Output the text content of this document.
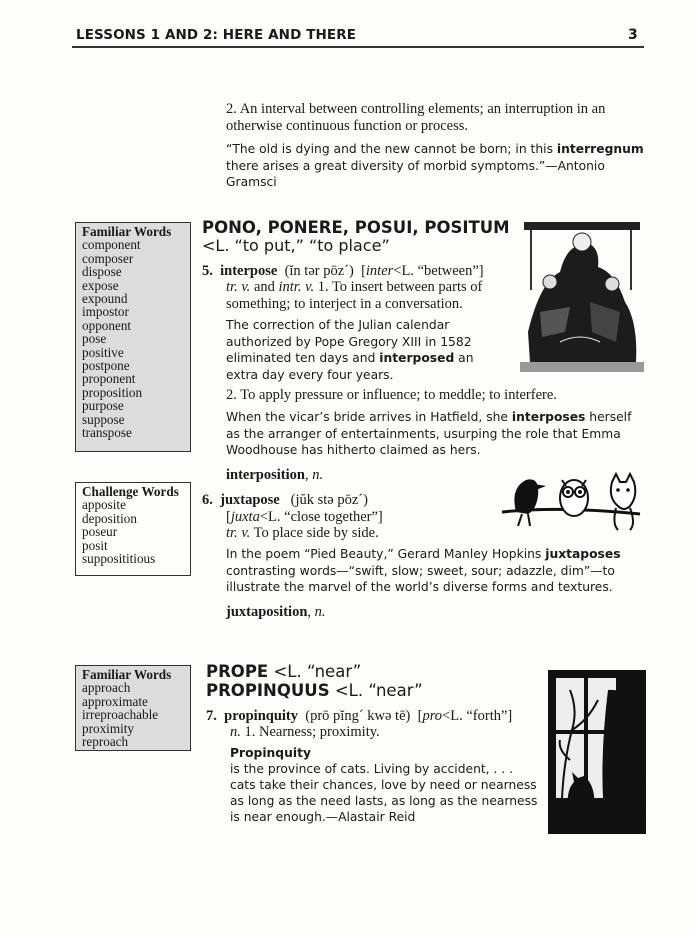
LESSONS 1 AND 2: HERE AND THERE	3
2. An interval between controlling elements; an interruption in an otherwise continuous function or process.
“The old is dying and the new cannot be born; in this interregnum there arises a great diversity of morbid symptoms.”—Antonio Gramsci
Familiar Words
component
composer
dispose
expose
expound
impostor
opponent
pose
positive
postpone
proponent
proposition
purpose
suppose
transpose
PONO, PONERE, POSUI, POSITUM
<L. “to put,” “to place”
5. interpose (ĭn tər pōz´) [inter<L. “between”]
tr. v. and intr. v. 1. To insert between parts of something; to interject in a conversation.
The correction of the Julian calendar authorized by Pope Gregory XIII in 1582 eliminated ten days and interposed an extra day every four years.
2. To apply pressure or influence; to meddle; to interfere.
When the vicar’s bride arrives in Hatfield, she interposes herself as the arranger of entertainments, usurping the role that Emma Woodhouse has hitherto claimed as hers.
interposition, n.
Challenge Words
apposite
deposition
poseur
posit
supposititious
6. juxtapose (jŭk stə pōz´)
[juxta<L. “close together”]
tr. v. To place side by side.
In the poem “Pied Beauty,” Gerard Manley Hopkins juxtaposes contrasting words—“swift, slow; sweet, sour; adazzle, dim”—to illustrate the marvel of the world’s diverse forms and textures.
juxtaposition, n.
Familiar Words
approach
approximate
irreproachable
proximity
reproach
PROPE <L. “near”
PROPINQUUS <L. “near”
7. propinquity (prō pĭng´ kwə tē)  [pro<L. “forth”]
n. 1. Nearness; proximity.
Propinquity
is the province of cats. Living by accident, . . .
cats take their chances, love by need or nearness
as long as the need lasts, as long as the nearness
is near enough.—Alastair Reid
